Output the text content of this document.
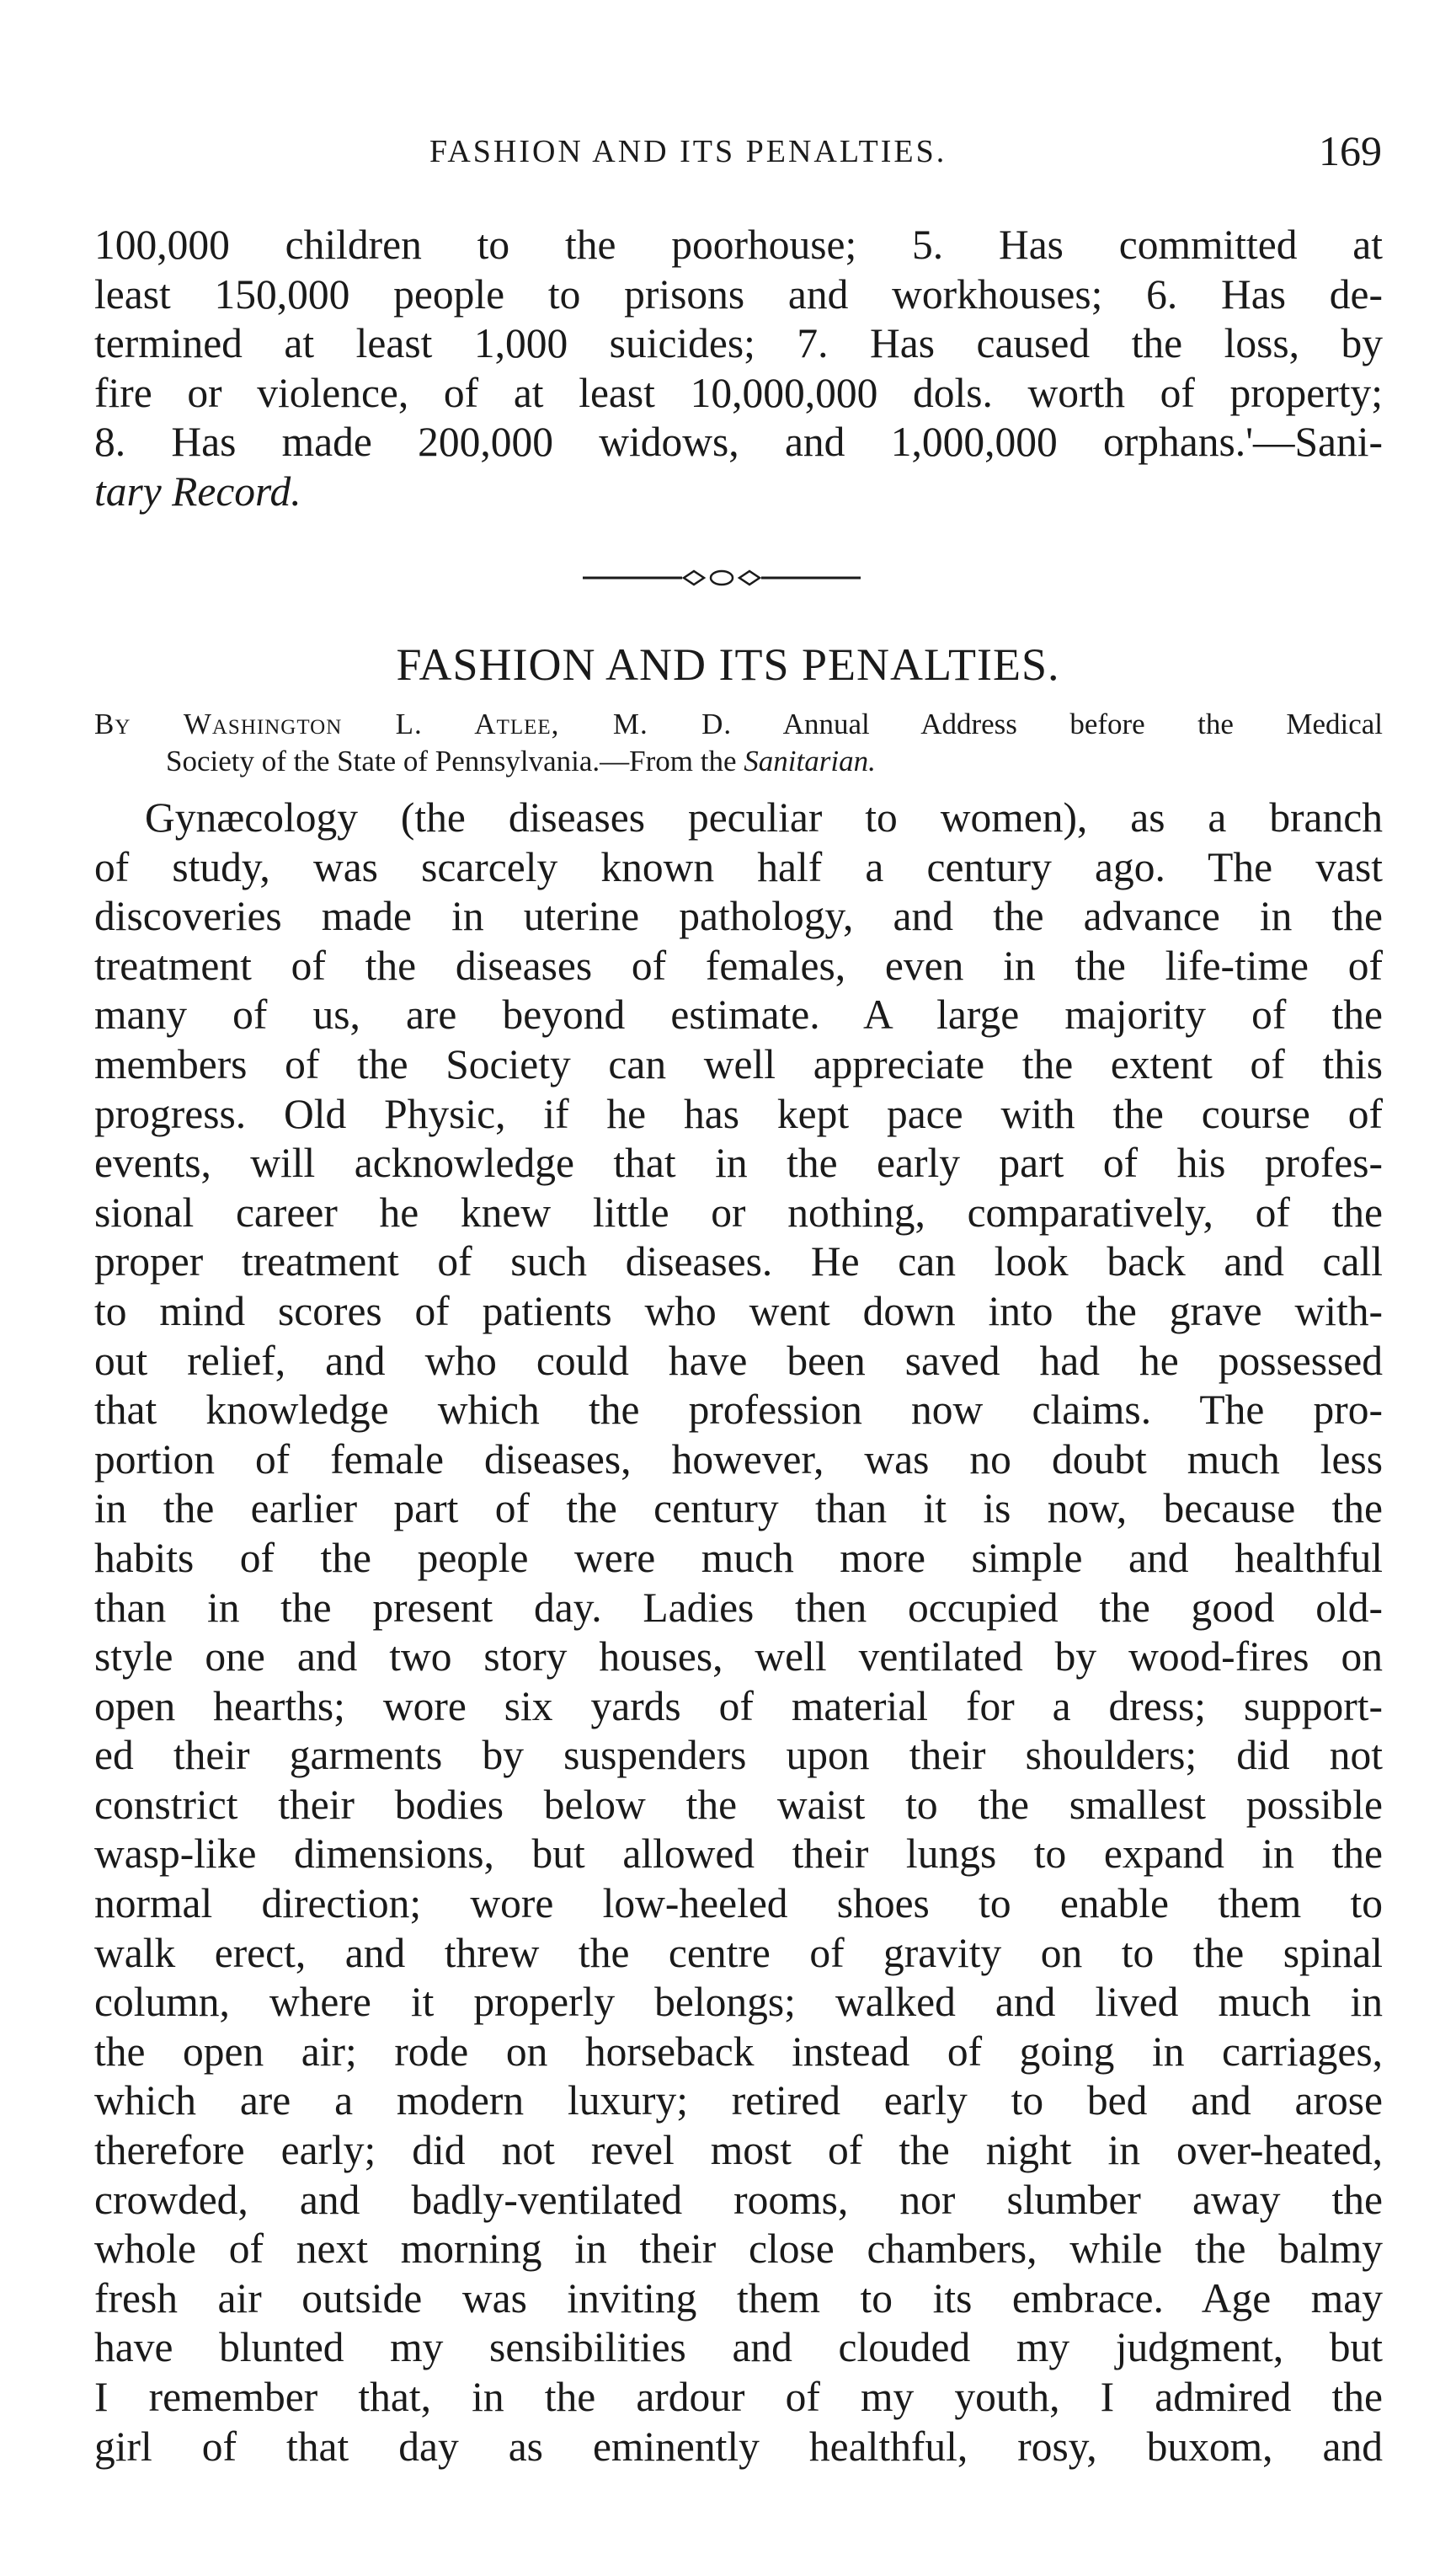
FASHION AND ITS PENALTIES.	169
100,000 children to the poorhouse; 5. Has committed at
least 150,000 people to prisons and workhouses; 6. Has de-
termined at least 1,000 suicides; 7. Has caused the loss, by
fire or violence, of at least 10,000,000 dols. worth of property;
8. Has made 200,000 widows, and 1,000,000 orphans.'—Sani-
tary Record.
FASHION AND ITS PENALTIES.
By Washington L. Atlee, M. D. Annual Address before the Medical
Society of the State of Pennsylvania.—From the Sanitarian.
Gynæcology (the diseases peculiar to women), as a branch
of study, was scarcely known half a century ago. The vast
discoveries made in uterine pathology, and the advance in the
treatment of the diseases of females, even in the life-time of
many of us, are beyond estimate. A large majority of the
members of the Society can well appreciate the extent of this
progress. Old Physic, if he has kept pace with the course of
events, will acknowledge that in the early part of his profes-
sional career he knew little or nothing, comparatively, of the
proper treatment of such diseases. He can look back and call
to mind scores of patients who went down into the grave with-
out relief, and who could have been saved had he possessed
that knowledge which the profession now claims. The pro-
portion of female diseases, however, was no doubt much less
in the earlier part of the century than it is now, because the
habits of the people were much more simple and healthful
than in the present day. Ladies then occupied the good old-
style one and two story houses, well ventilated by wood-fires on
open hearths; wore six yards of material for a dress; support-
ed their garments by suspenders upon their shoulders; did not
constrict their bodies below the waist to the smallest possible
wasp-like dimensions, but allowed their lungs to expand in the
normal direction; wore low-heeled shoes to enable them to
walk erect, and threw the centre of gravity on to the spinal
column, where it properly belongs; walked and lived much in
the open air; rode on horseback instead of going in carriages,
which are a modern luxury; retired early to bed and arose
therefore early; did not revel most of the night in over-heated,
crowded, and badly-ventilated rooms, nor slumber away the
whole of next morning in their close chambers, while the balmy
fresh air outside was inviting them to its embrace. Age may
have blunted my sensibilities and clouded my judgment, but
I remember that, in the ardour of my youth, I admired the
girl of that day as eminently healthful, rosy, buxom, and
